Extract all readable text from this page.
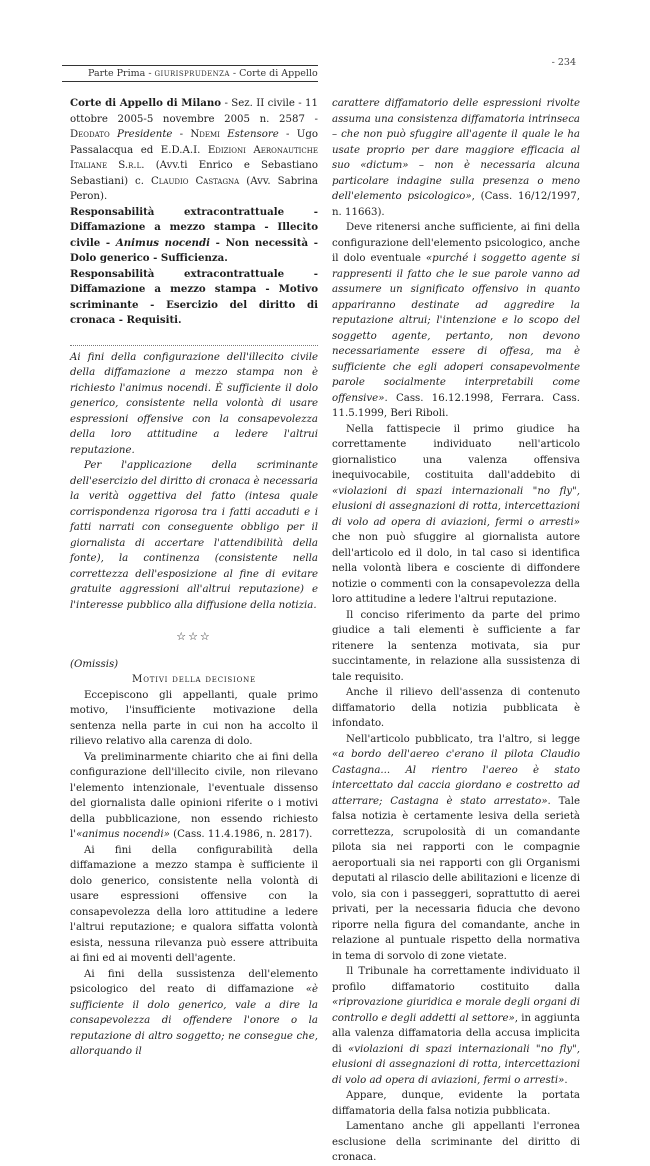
- 234
Parte Prima - giurisprudenza - Corte di Appello

Corte di Appello di Milano - Sez. II civile - 11 ottobre 2005-5 novembre 2005 n. 2587 - Deodato Presidente - Ndemi Estensore - Ugo Passalacqua ed E.D.A.I. Edizioni Aeronautiche Italiane S.r.l. (Avv.ti Enrico e Sebastiano Sebastiani) c. Claudio Castagna (Avv. Sabrina Peron).

Responsabilità extracontrattuale - Diffamazione a mezzo stampa - Illecito civile - Animus nocendi - Non necessità - Dolo generico - Sufficienza.

Responsabilità extracontrattuale - Diffamazione a mezzo stampa - Motivo scriminante - Esercizio del diritto di cronaca - Requisiti.

Ai fini della configurazione dell'illecito civile della diffamazione a mezzo stampa non è richiesto l'animus nocendi. È sufficiente il dolo generico, consistente nella volontà di usare espressioni offensive con la consapevolezza della loro attitudine a ledere l'altrui reputazione.

Per l'applicazione della scriminante dell'esercizio del diritto di cronaca è necessaria la verità oggettiva del fatto (intesa quale corrispondenza rigorosa tra i fatti accaduti e i fatti narrati con conseguente obbligo per il giornalista di accertare l'attendibilità della fonte), la continenza (consistente nella correttezza dell'esposizione al fine di evitare gratuite aggressioni all'altrui reputazione) e l'interesse pubblico alla diffusione della notizia.

☆☆☆

(Omissis)

Motivi della decisione

Eccepiscono gli appellanti, quale primo motivo, l'insufficiente motivazione della sentenza nella parte in cui non ha accolto il rilievo relativo alla carenza di dolo.

Va preliminarmente chiarito che ai fini della configurazione dell'illecito civile, non rilevano l'elemento intenzionale, l'eventuale dissenso del giornalista dalle opinioni riferite o i motivi della pubblicazione, non essendo richiesto l'«animus nocendi» (Cass. 11.4.1986, n. 2817).

Ai fini della configurabilità della diffamazione a mezzo stampa è sufficiente il dolo generico, consistente nella volontà di usare espressioni offensive con la consapevolezza della loro attitudine a ledere l'altrui reputazione; e qualora siffatta volontà esista, nessuna rilevanza può essere attribuita ai fini ed ai moventi dell'agente.

Ai fini della sussistenza dell'elemento psicologico del reato di diffamazione «è sufficiente il dolo generico, vale a dire la consapevolezza di offendere l'onore o la reputazione di altro soggetto; ne consegue che, allorquando il

carattere diffamatorio delle espressioni rivolte assuma una consistenza diffamatoria intrinseca – che non può sfuggire all'agente il quale le ha usate proprio per dare maggiore efficacia al suo «dictum» – non è necessaria alcuna particolare indagine sulla presenza o meno dell'elemento psicologico», (Cass. 16/12/1997, n. 11663).

Deve ritenersi anche sufficiente, ai fini della configurazione dell'elemento psicologico, anche il dolo eventuale «purché i soggetto agente si rappresenti il fatto che le sue parole vanno ad assumere un significato offensivo in quanto appariranno destinate ad aggredire la reputazione altrui; l'intenzione e lo scopo del soggetto agente, pertanto, non devono necessariamente essere di offesa, ma è sufficiente che egli adoperi consapevolmente parole socialmente interpretabili come offensive». Cass. 16.12.1998, Ferrara. Cass. 11.5.1999, Beri Riboli.

Nella fattispecie il primo giudice ha correttamente individuato nell'articolo giornalistico una valenza offensiva inequivocabile, costituita dall'addebito di «violazioni di spazi internazionali "no fly", elusioni di assegnazioni di rotta, intercettazioni di volo ad opera di aviazioni, fermi o arresti» che non può sfuggire al giornalista autore dell'articolo ed il dolo, in tal caso si identifica nella volontà libera e cosciente di diffondere notizie o commenti con la consapevolezza della loro attitudine a ledere l'altrui reputazione.

Il conciso riferimento da parte del primo giudice a tali elementi è sufficiente a far ritenere la sentenza motivata, sia pur succintamente, in relazione alla sussistenza di tale requisito.

Anche il rilievo dell'assenza di contenuto diffamatorio della notizia pubblicata è infondato.

Nell'articolo pubblicato, tra l'altro, si legge «a bordo dell'aereo c'erano il pilota Claudio Castagna... Al rientro l'aereo è stato intercettato dal caccia giordano e costretto ad atterrare; Castagna è stato arrestato». Tale falsa notizia è certamente lesiva della serietà correttezza, scrupolosità di un comandante pilota sia nei rapporti con le compagnie aeroportuali sia nei rapporti con gli Organismi deputati al rilascio delle abilitazioni e licenze di volo, sia con i passeggeri, soprattutto di aerei privati, per la necessaria fiducia che devono riporre nella figura del comandante, anche in relazione al puntuale rispetto della normativa in tema di sorvolo di zone vietate.

Il Tribunale ha correttamente individuato il profilo diffamatorio costituito dalla «riprovazione giuridica e morale degli organi di controllo e degli addetti al settore», in aggiunta alla valenza diffamatoria della accusa implicita di «violazioni di spazi internazionali "no fly", elusioni di assegnazioni di rotta, intercettazioni di volo ad opera di aviazioni, fermi o arresti».

Appare, dunque, evidente la portata diffamatoria della falsa notizia pubblicata.

Lamentano anche gli appellanti l'erronea esclusione della scriminante del diritto di cronaca.
